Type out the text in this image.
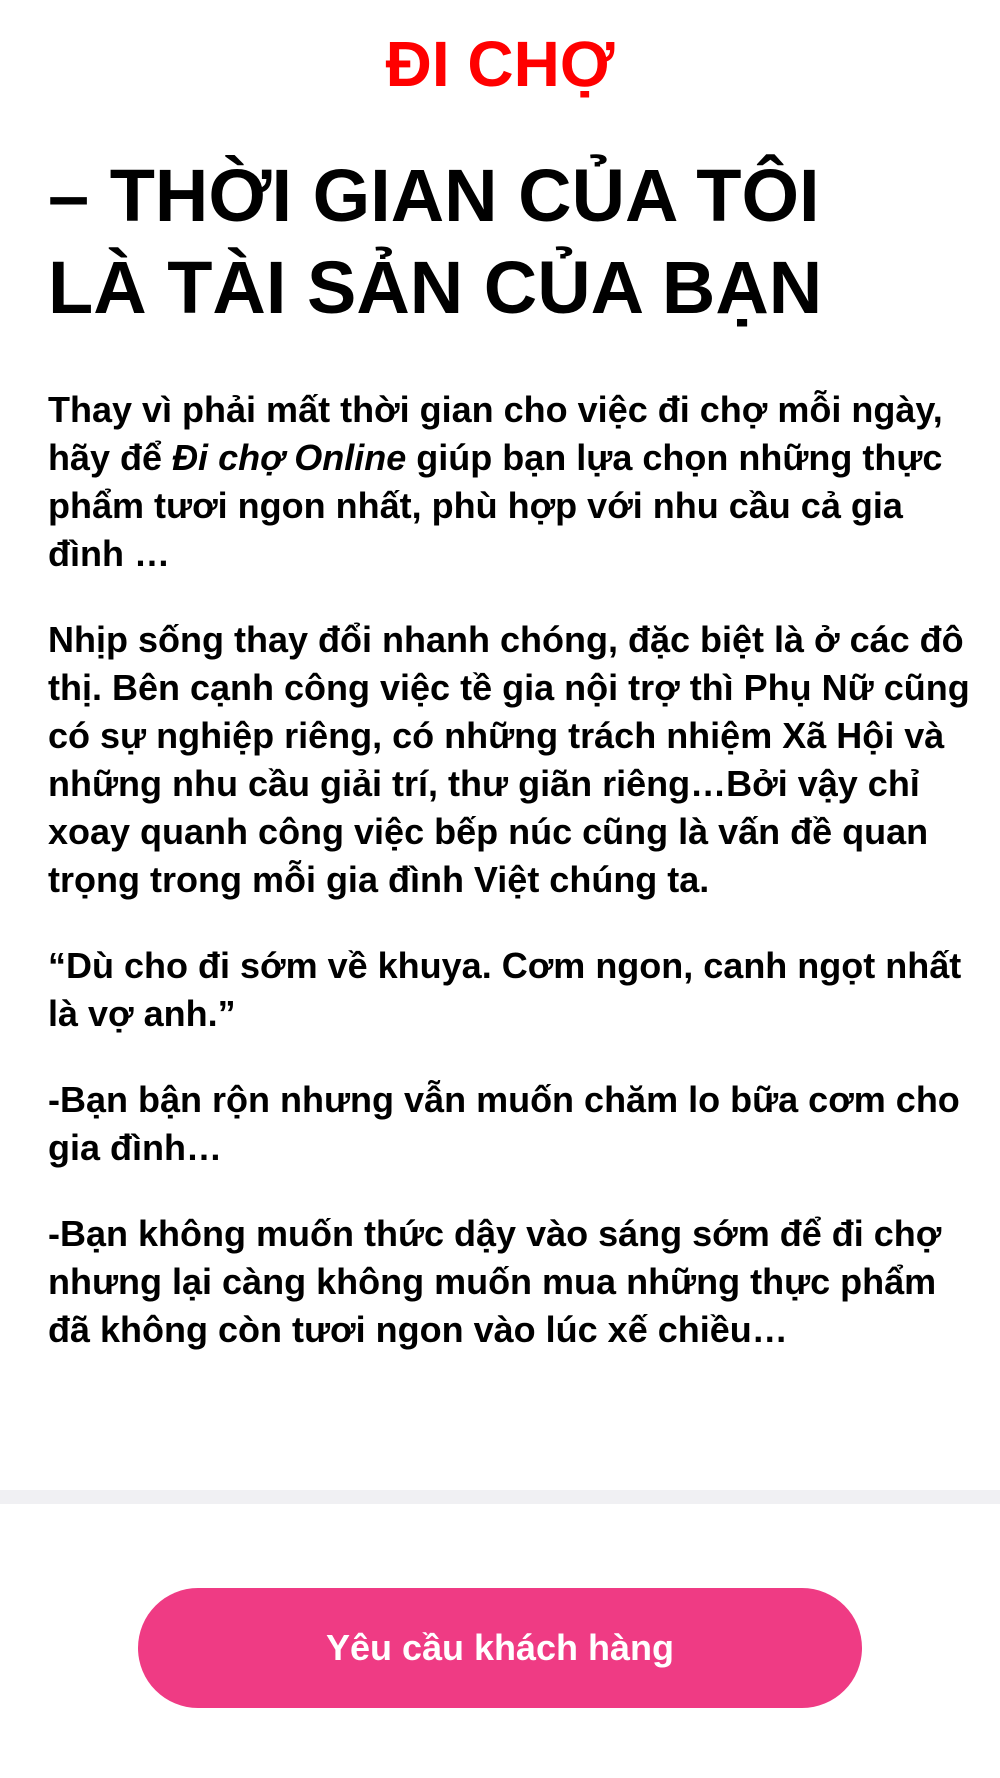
ĐI CHỢ
– THỜI GIAN CỦA TÔI
LÀ TÀI SẢN CỦA BẠN

Thay vì phải mất thời gian cho việc đi chợ mỗi ngày, hãy để Đi chợ Online giúp bạn lựa chọn những thực phẩm tươi ngon nhất, phù hợp với nhu cầu cả gia đình …

Nhịp sống thay đổi nhanh chóng, đặc biệt là ở các đô thị. Bên cạnh công việc tề gia nội trợ thì Phụ Nữ cũng có sự nghiệp riêng, có những trách nhiệm Xã Hội và những nhu cầu giải trí, thư giãn riêng…Bởi vậy chỉ xoay quanh công việc bếp núc cũng là vấn đề quan trọng trong mỗi gia đình Việt chúng ta.

“Dù cho đi sớm về khuya. Cơm ngon, canh ngọt nhất là vợ anh.”

-Bạn bận rộn nhưng vẫn muốn chăm lo bữa cơm cho gia đình…

-Bạn không muốn thức dậy vào sáng sớm để đi chợ nhưng lại càng không muốn mua những thực phẩm đã không còn tươi ngon vào lúc xế chiều…

Yêu cầu khách hàng
